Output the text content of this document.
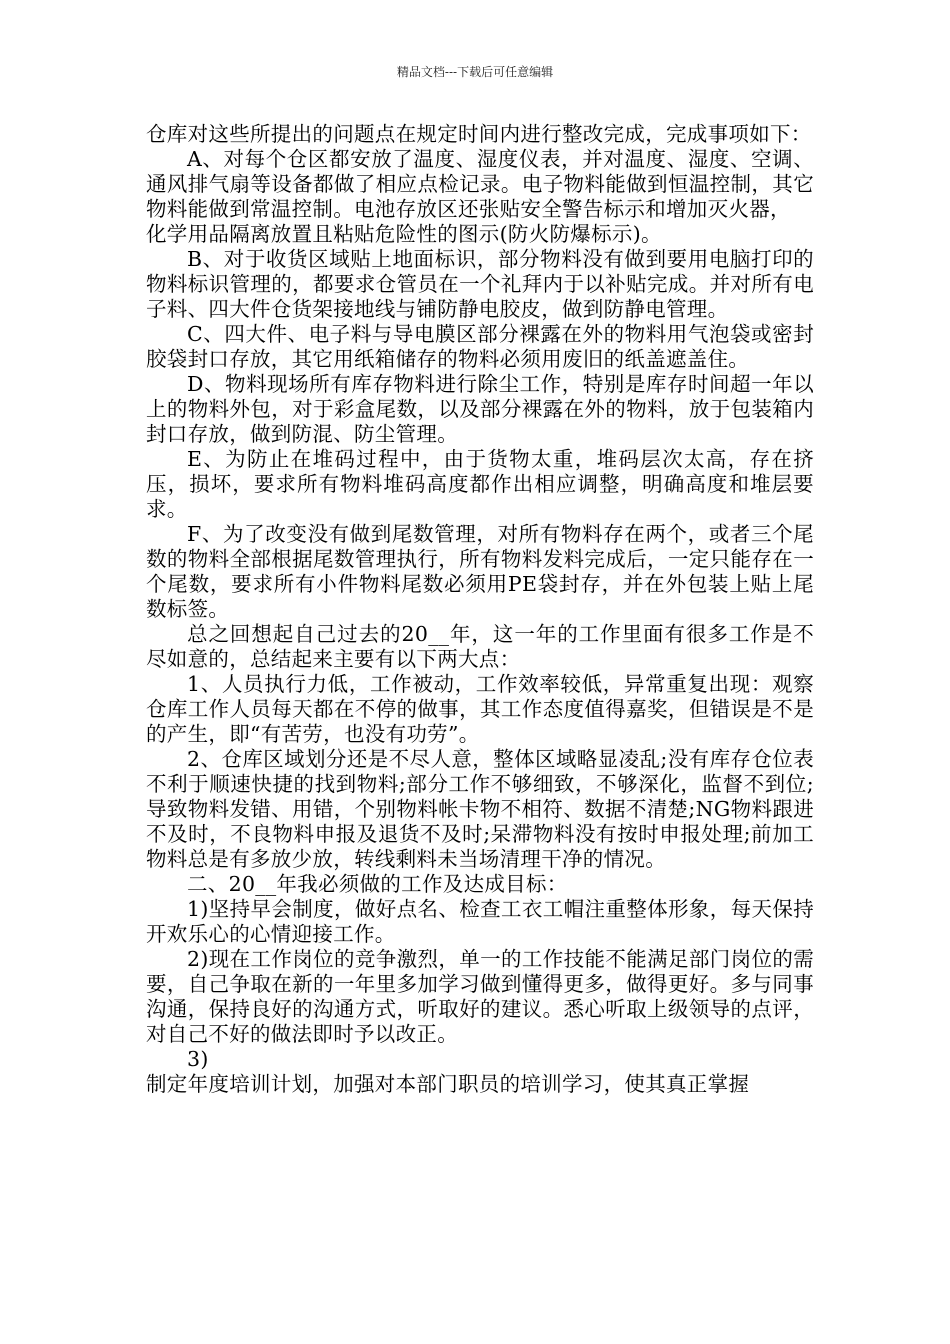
精品文档---下载后可任意编辑

仓库对这些所提出的问题点在规定时间内进行整改完成，完成事项如下：

A、对每个仓区都安放了温度、湿度仪表，并对温度、湿度、空调、通风排气扇等设备都做了相应点检记录。电子物料能做到恒温控制，其它物料能做到常温控制。电池存放区还张贴安全警告标示和增加灭火器，

化学用品隔离放置且粘贴危险性的图示(防火防爆标示)。

B、对于收货区域贴上地面标识，部分物料没有做到要用电脑打印的物料标识管理的，都要求仓管员在一个礼拜内于以补贴完成。并对所有电子料、四大件仓货架接地线与铺防静电胶皮，做到防静电管理。

C、四大件、电子料与导电膜区部分裸露在外的物料用气泡袋或密封胶袋封口存放，其它用纸箱储存的物料必须用废旧的纸盖遮盖住。

D、物料现场所有库存物料进行除尘工作，特别是库存时间超一年以上的物料外包，对于彩盒尾数，以及部分裸露在外的物料，放于包装箱内封口存放，做到防混、防尘管理。

E、为防止在堆码过程中，由于货物太重，堆码层次太高，存在挤压，损坏，要求所有物料堆码高度都作出相应调整，明确高度和堆层要求。

F、为了改变没有做到尾数管理，对所有物料存在两个，或者三个尾数的物料全部根据尾数管理执行，所有物料发料完成后，一定只能存在一个尾数，要求所有小件物料尾数必须用PE袋封存，并在外包装上贴上尾数标签。

总之回想起自己过去的20__年，这一年的工作里面有很多工作是不尽如意的，总结起来主要有以下两大点：

1、人员执行力低，工作被动，工作效率较低，异常重复出现：观察仓库工作人员每天都在不停的做事，其工作态度值得嘉奖，但错误是不是的产生，即“有苦劳，也没有功劳”。

2、仓库区域划分还是不尽人意，整体区域略显凌乱;没有库存仓位表不利于顺速快捷的找到物料;部分工作不够细致，不够深化，监督不到位;导致物料发错、用错，个别物料帐卡物不相符、数据不清楚;NG物料跟进不及时，不良物料申报及退货不及时;呆滞物料没有按时申报处理;前加工物料总是有多放少放，转线剩料未当场清理干净的情况。

二、20__年我必须做的工作及达成目标：

1)坚持早会制度，做好点名、检查工衣工帽注重整体形象，每天保持开欢乐心的心情迎接工作。

2)现在工作岗位的竞争激烈，单一的工作技能不能满足部门岗位的需要，自己争取在新的一年里多加学习做到懂得更多，做得更好。多与同事沟通，保持良好的沟通方式，听取好的建议。悉心听取上级领导的点评，对自己不好的做法即时予以改正。

3)

制定年度培训计划，加强对本部门职员的培训学习，使其真正掌握
